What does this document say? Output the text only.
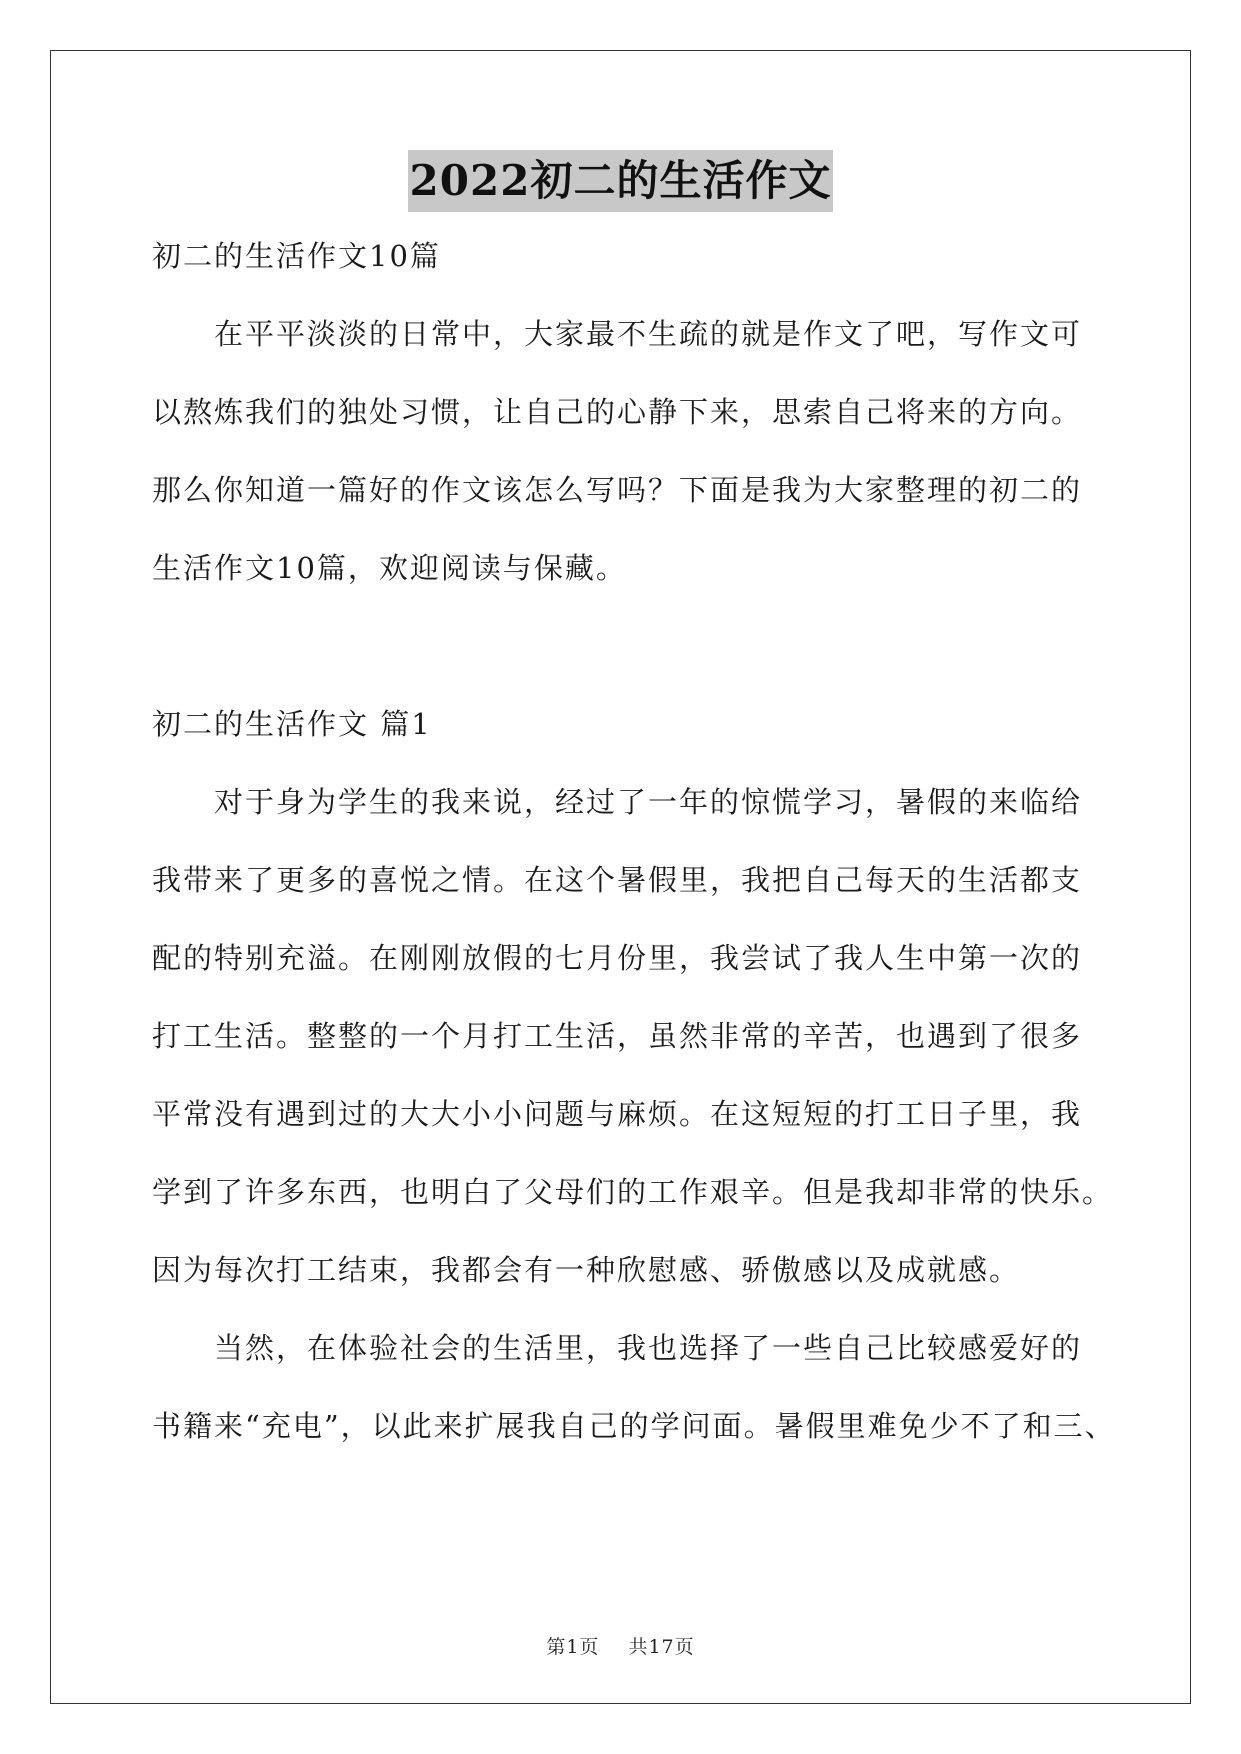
2022初二的生活作文
初二的生活作文10篇
在平平淡淡的日常中，大家最不生疏的就是作文了吧，写作文可
以熬炼我们的独处习惯，让自己的心静下来，思索自己将来的方向。
那么你知道一篇好的作文该怎么写吗？下面是我为大家整理的初二的
生活作文10篇，欢迎阅读与保藏。
初二的生活作文 篇1
对于身为学生的我来说，经过了一年的惊慌学习，暑假的来临给
我带来了更多的喜悦之情。在这个暑假里，我把自己每天的生活都支
配的特别充溢。在刚刚放假的七月份里，我尝试了我人生中第一次的
打工生活。整整的一个月打工生活，虽然非常的辛苦，也遇到了很多
平常没有遇到过的大大小小问题与麻烦。在这短短的打工日子里，我
学到了许多东西，也明白了父母们的工作艰辛。但是我却非常的快乐。
因为每次打工结束，我都会有一种欣慰感、骄傲感以及成就感。
当然，在体验社会的生活里，我也选择了一些自己比较感爱好的
书籍来“充电”，以此来扩展我自己的学问面。暑假里难免少不了和三、
第1页 共17页
